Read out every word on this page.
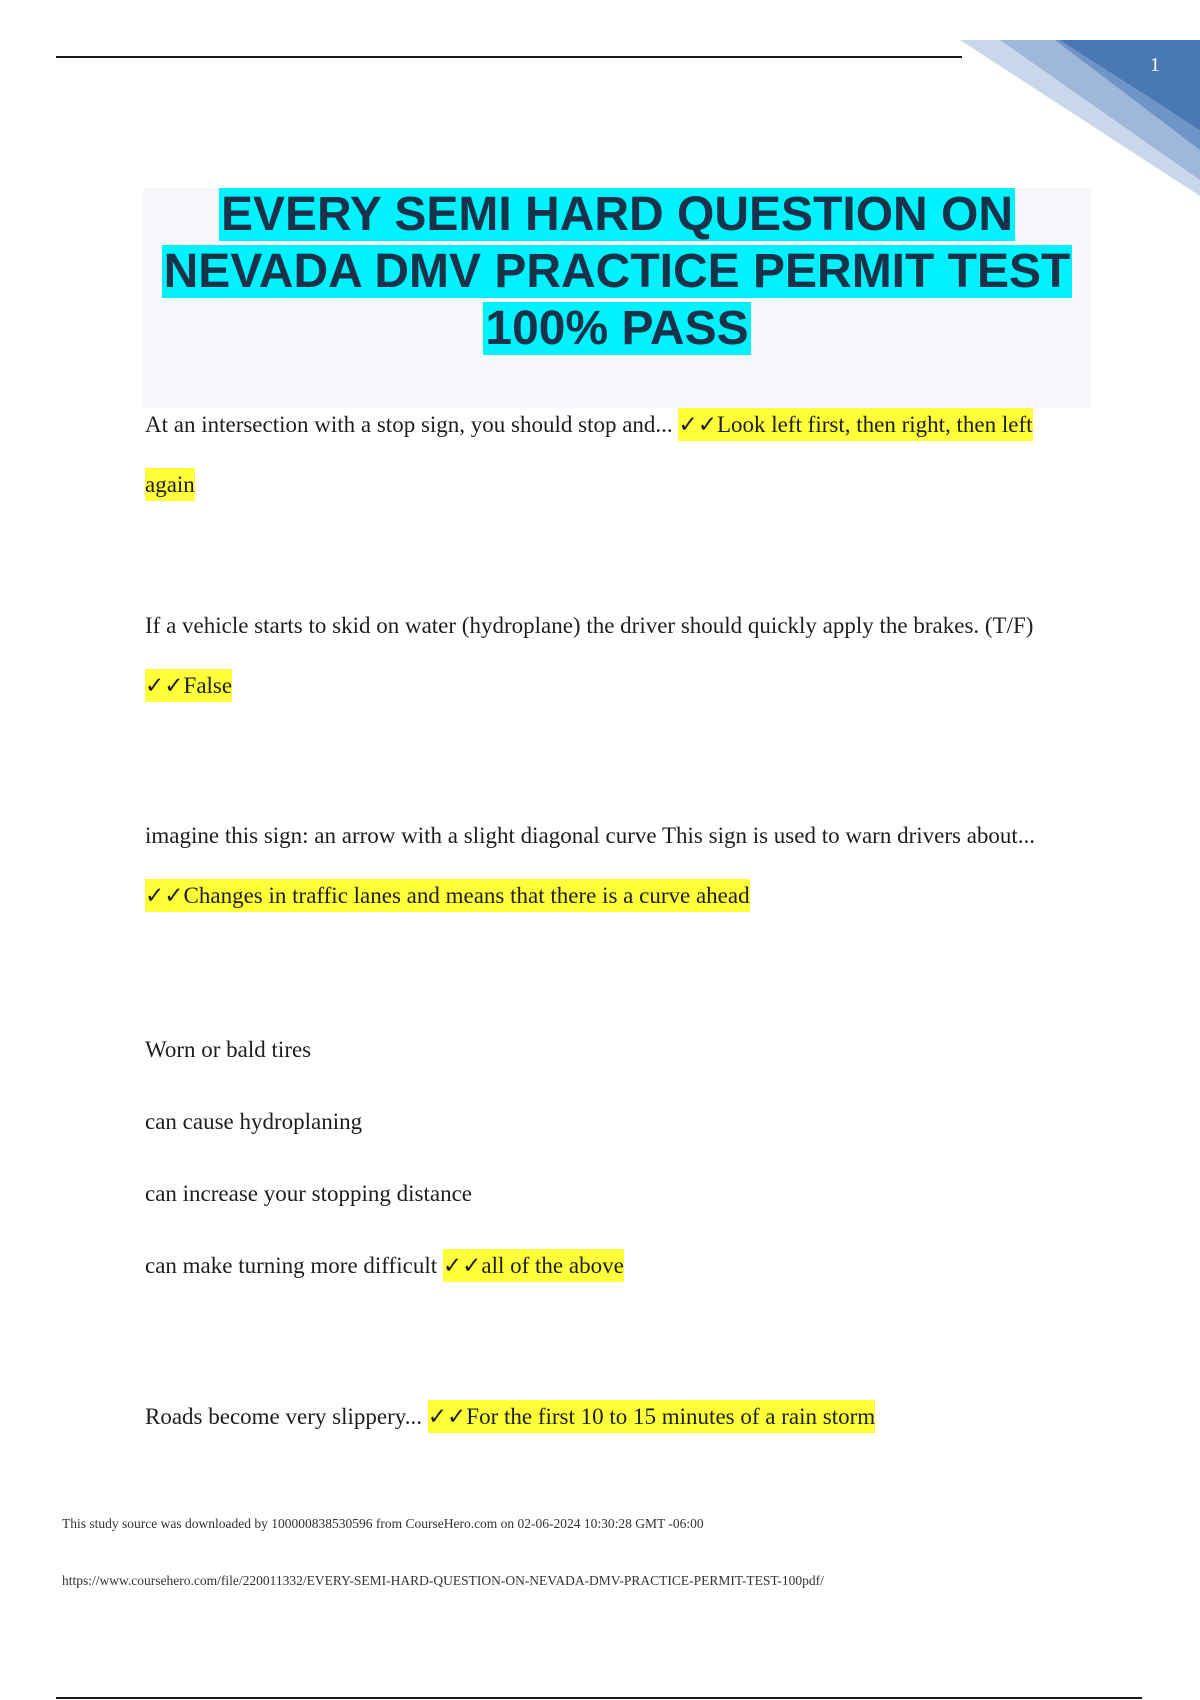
1
EVERY SEMI HARD QUESTION ON
NEVADA DMV PRACTICE PERMIT TEST
100% PASS
At an intersection with a stop sign, you should stop and... ✓✓Look left first, then right, then left again
If a vehicle starts to skid on water (hydroplane) the driver should quickly apply the brakes. (T/F) ✓✓False
imagine this sign: an arrow with a slight diagonal curve This sign is used to warn drivers about... ✓✓Changes in traffic lanes and means that there is a curve ahead
Worn or bald tires
can cause hydroplaning
can increase your stopping distance
can make turning more difficult ✓✓all of the above
Roads become very slippery... ✓✓For the first 10 to 15 minutes of a rain storm
This study source was downloaded by 100000838530596 from CourseHero.com on 02-06-2024 10:30:28 GMT -06:00
https://www.coursehero.com/file/220011332/EVERY-SEMI-HARD-QUESTION-ON-NEVADA-DMV-PRACTICE-PERMIT-TEST-100pdf/
